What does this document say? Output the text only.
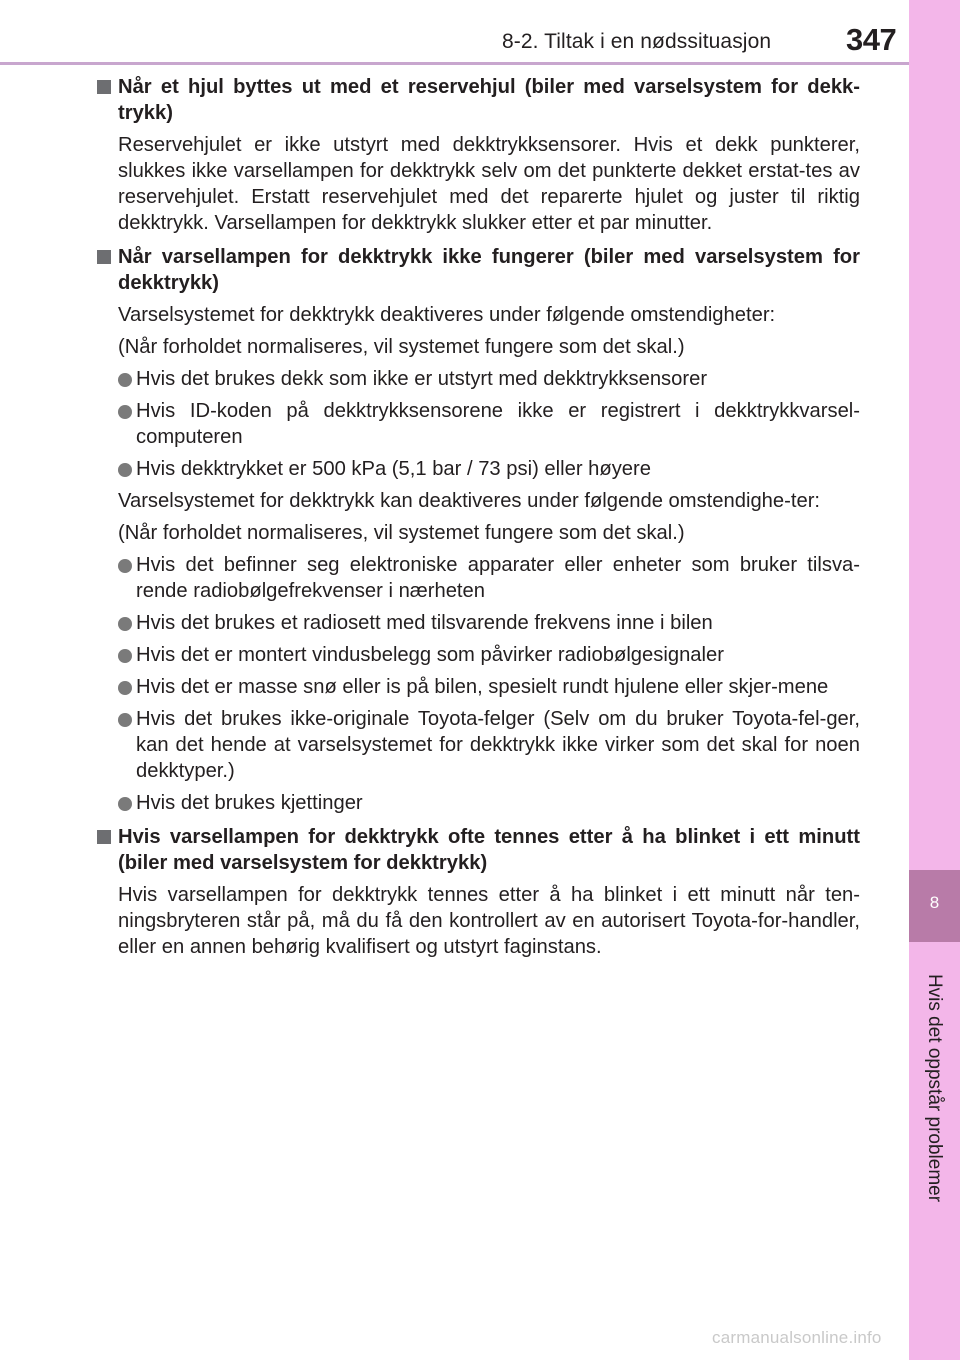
8-2. Tiltak i en nødssituasjon 347
8
Hvis det oppstår problemer
Når et hjul byttes ut med et reservehjul (biler med varselsystem for dekk-trykk)
Reservehjulet er ikke utstyrt med dekktrykksensorer. Hvis et dekk punkterer, slukkes ikke varsellampen for dekktrykk selv om det punkterte dekket erstat-tes av reservehjulet. Erstatt reservehjulet med det reparerte hjulet og juster til riktig dekktrykk. Varsellampen for dekktrykk slukker etter et par minutter.
Når varsellampen for dekktrykk ikke fungerer (biler med varselsystem for dekktrykk)
Varselsystemet for dekktrykk deaktiveres under følgende omstendigheter:
(Når forholdet normaliseres, vil systemet fungere som det skal.)
Hvis det brukes dekk som ikke er utstyrt med dekktrykksensorer
Hvis ID-koden på dekktrykksensorene ikke er registrert i dekktrykkvarsel-computeren
Hvis dekktrykket er 500 kPa (5,1 bar / 73 psi) eller høyere
Varselsystemet for dekktrykk kan deaktiveres under følgende omstendighe-ter:
(Når forholdet normaliseres, vil systemet fungere som det skal.)
Hvis det befinner seg elektroniske apparater eller enheter som bruker tilsva-rende radiobølgefrekvenser i nærheten
Hvis det brukes et radiosett med tilsvarende frekvens inne i bilen
Hvis det er montert vindusbelegg som påvirker radiobølgesignaler
Hvis det er masse snø eller is på bilen, spesielt rundt hjulene eller skjer-mene
Hvis det brukes ikke-originale Toyota-felger (Selv om du bruker Toyota-fel-ger, kan det hende at varselsystemet for dekktrykk ikke virker som det skal for noen dekktyper.)
Hvis det brukes kjettinger
Hvis varsellampen for dekktrykk ofte tennes etter å ha blinket i ett minutt (biler med varselsystem for dekktrykk)
Hvis varsellampen for dekktrykk tennes etter å ha blinket i ett minutt når ten-ningsbryteren står på, må du få den kontrollert av en autorisert Toyota-for-handler, eller en annen behørig kvalifisert og utstyrt faginstans.
carmanualsonline.info
